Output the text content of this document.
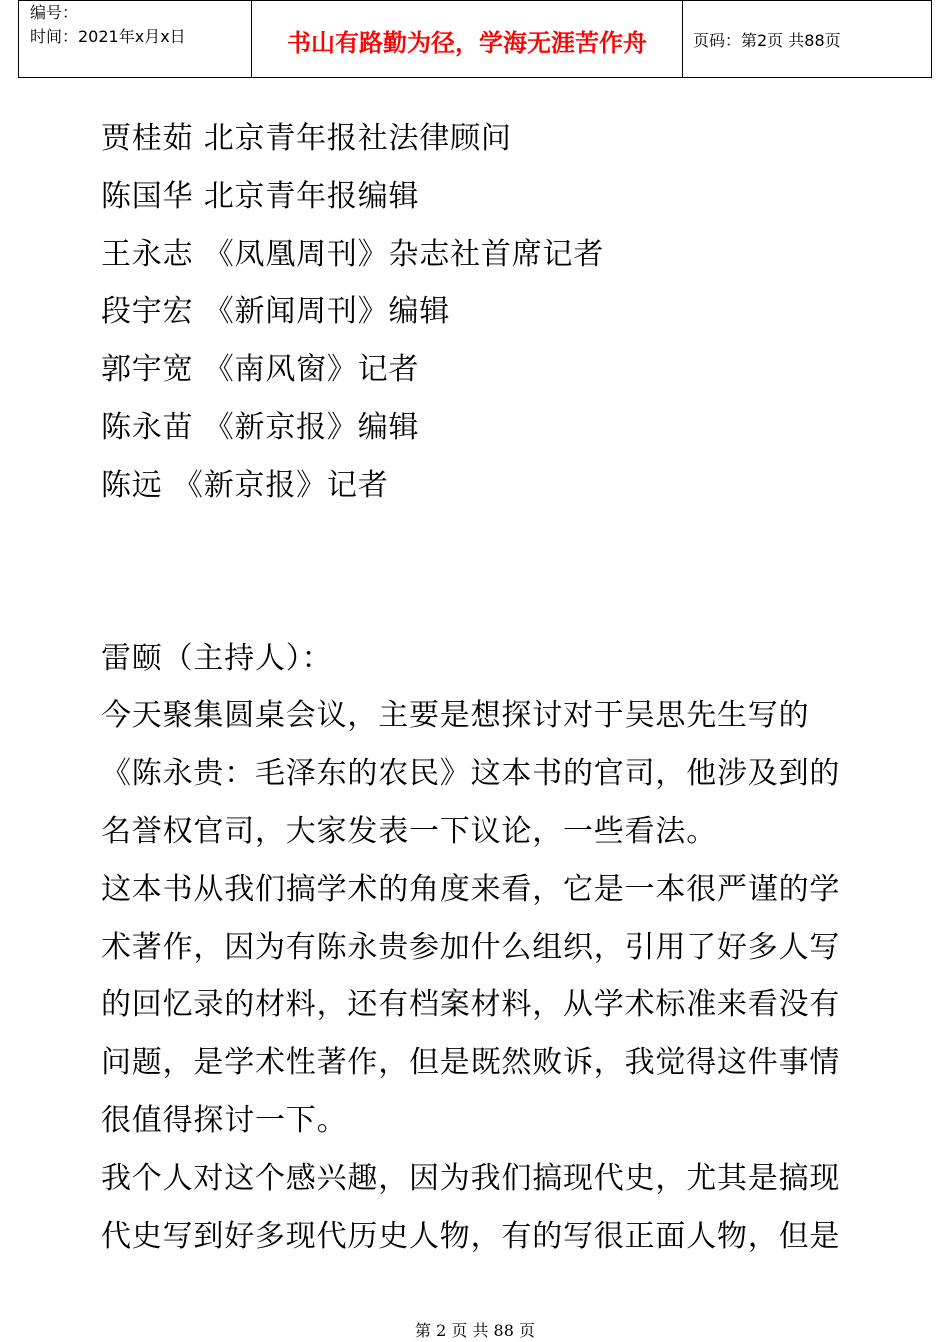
编号：
时间：2021年x月x日	书山有路勤为径，学海无涯苦作舟	页码：第2页 共88页

贾桂茹 北京青年报社法律顾问

陈国华 北京青年报编辑

王永志 《凤凰周刊》杂志社首席记者

段宇宏 《新闻周刊》编辑

郭宇宽 《南风窗》记者

陈永苗 《新京报》编辑

陈远 《新京报》记者

雷颐（主持人）：

今天聚集圆桌会议，主要是想探讨对于吴思先生写的

《陈永贵：毛泽东的农民》这本书的官司，他涉及到的

名誉权官司，大家发表一下议论，一些看法。

这本书从我们搞学术的角度来看，它是一本很严谨的学

术著作，因为有陈永贵参加什么组织，引用了好多人写

的回忆录的材料，还有档案材料，从学术标准来看没有

问题，是学术性著作，但是既然败诉，我觉得这件事情

很值得探讨一下。

我个人对这个感兴趣，因为我们搞现代史，尤其是搞现

代史写到好多现代历史人物，有的写很正面人物，但是

第 2 页 共 88 页
